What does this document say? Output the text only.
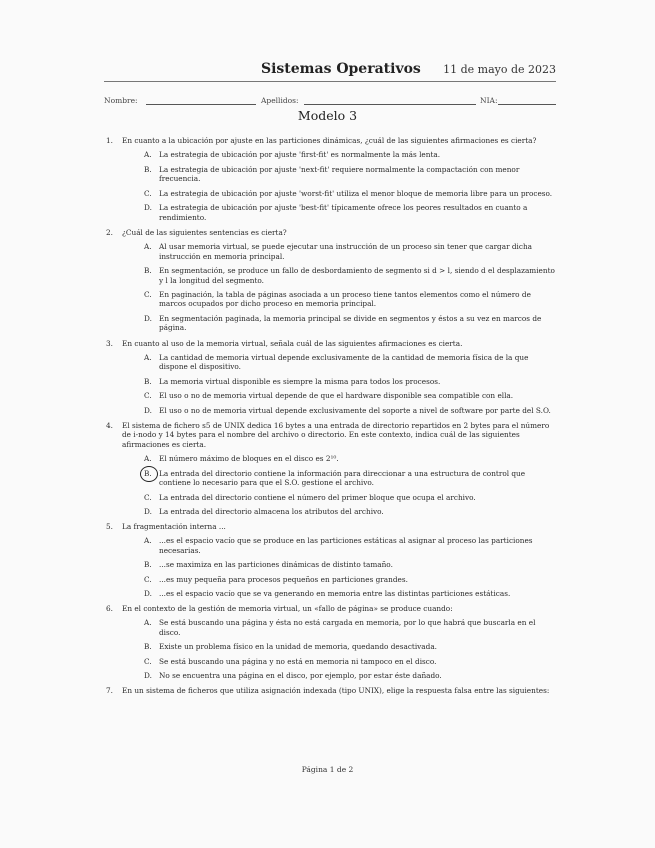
Sistemas Operativos 11 de mayo de 2023
Nombre:	Apellidos:	NIA:
Modelo 3
1.	En cuanto a la ubicación por ajuste en las particiones dinámicas, ¿cuál de las siguientes afirmaciones es cierta?
A.	La estrategia de ubicación por ajuste 'first-fit' es normalmente la más lenta.
B.	La estrategia de ubicación por ajuste 'next-fit' requiere normalmente la compactación con menor frecuencia.
C.	La estrategia de ubicación por ajuste 'worst-fit' utiliza el menor bloque de memoria libre para un proceso.
D. La estrategia de ubicación por ajuste 'best-fit' típicamente ofrece los peores resultados en cuanto a rendimiento.
2.	¿Cuál de las siguientes sentencias es cierta?
A.	Al usar memoria virtual, se puede ejecutar una instrucción de un proceso sin tener que cargar dicha instrucción en memoria principal.
B.	En segmentación, se produce un fallo de desbordamiento de segmento si d > l, siendo d el desplazamiento y l la longitud del segmento.
C.	En paginación, la tabla de páginas asociada a un proceso tiene tantos elementos como el número de marcos ocupados por dicho proceso en memoria principal.
D. En segmentación paginada, la memoria principal se divide en segmentos y éstos a su vez en marcos de página.
3.	En cuanto al uso de la memoria virtual, señala cuál de las siguientes afirmaciones es cierta.
A.	La cantidad de memoria virtual depende exclusivamente de la cantidad de memoria física de la que dispone el dispositivo.
B.	La memoria virtual disponible es siempre la misma para todos los procesos.
C.	El uso o no de memoria virtual depende de que el hardware disponible sea compatible con ella.
D. El uso o no de memoria virtual depende exclusivamente del soporte a nivel de software por parte del S.O.
4.	El sistema de fichero s5 de UNIX dedica 16 bytes a una entrada de directorio repartidos en 2 bytes para el número de i-nodo y 14 bytes para el nombre del archivo o directorio. En este contexto, indica cuál de las siguientes afirmaciones es cierta.
A.	El número máximo de bloques en el disco es 2¹⁰.
B.	La entrada del directorio contiene la información para direccionar a una estructura de control que contiene lo necesario para que el S.O. gestione el archivo.
C.	La entrada del directorio contiene el número del primer bloque que ocupa el archivo.
D. La entrada del directorio almacena los atributos del archivo.
5.	La fragmentación interna ...
A.	...es el espacio vacío que se produce en las particiones estáticas al asignar al proceso las particiones necesarias.
B.	...se maximiza en las particiones dinámicas de distinto tamaño.
C.	...es muy pequeña para procesos pequeños en particiones grandes.
D. ...es el espacio vacío que se va generando en memoria entre las distintas particiones estáticas.
6.	En el contexto de la gestión de memoria virtual, un «fallo de página» se produce cuando:
A.	Se está buscando una página y ésta no está cargada en memoria, por lo que habrá que buscarla en el disco.
B.	Existe un problema físico en la unidad de memoria, quedando desactivada.
C.	Se está buscando una página y no está en memoria ni tampoco en el disco.
D. No se encuentra una página en el disco, por ejemplo, por estar éste dañado.
7.	En un sistema de ficheros que utiliza asignación indexada (tipo UNIX), elige la respuesta falsa entre las siguientes:
Página 1 de 2
